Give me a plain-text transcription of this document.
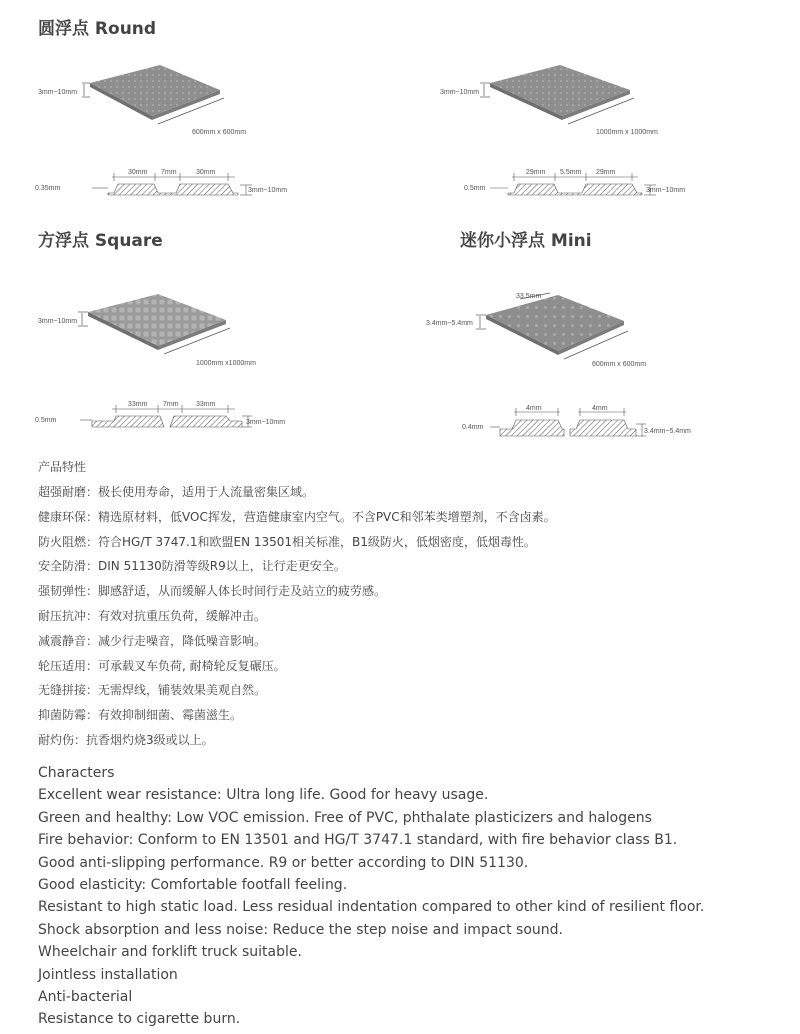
圆浮点 Round
3mm~10mm
600mm x 600mm
30mm 7mm	30mm
0.35mm	3mm~10mm
3mm~10mm
1000mm x 1000mm
29mm 5.5mm 29mm
0.5mm	3mm~10mm
方浮点 Square
3mm~10mm
1000mm x1000mm
33mm 7mm 33mm
0.5mm	3mm~10mm
迷你小浮点 Mini
33.5mm
3.4mm~5.4mm
600mm x 600mm
4mm	4mm
0.4mm
3.4mm~5.4mm
产品特性
超强耐磨：极长使用寿命，适用于人流量密集区域。
健康环保：精选原材料，低VOC挥发，营造健康室内空气。不含PVC和邻苯类增塑剂，不含卤素。
防火阻燃：符合HG/T 3747.1和欧盟EN 13501相关标准，B1级防火，低烟密度，低烟毒性。
安全防滑：DIN 51130防滑等级R9以上，让行走更安全。
强韧弹性：脚感舒适，从而缓解人体长时间行走及站立的疲劳感。
耐压抗冲：有效对抗重压负荷，缓解冲击。
减震静音：减少行走噪音，降低噪音影响。
轮压适用：可承载叉车负荷, 耐椅轮反复碾压。
无缝拼接：无需焊线，铺装效果美观自然。
抑菌防霉：有效抑制细菌、霉菌滋生。
耐灼伤：抗香烟灼烧3级或以上。
Characters
Excellent wear resistance: Ultra long life. Good for heavy usage.
Green and healthy: Low VOC emission. Free of PVC, phthalate plasticizers and halogens
Fire behavior: Conform to EN 13501 and HG/T 3747.1 standard, with fire behavior class B1.
Good anti-slipping performance. R9 or better according to DIN 51130.
Good elasticity: Comfortable footfall feeling.
Resistant to high static load. Less residual indentation compared to other kind of resilient floor.
Shock absorption and less noise: Reduce the step noise and impact sound.
Wheelchair and forklift truck suitable.
Jointless installation
Anti-bacterial
Resistance to cigarette burn.
